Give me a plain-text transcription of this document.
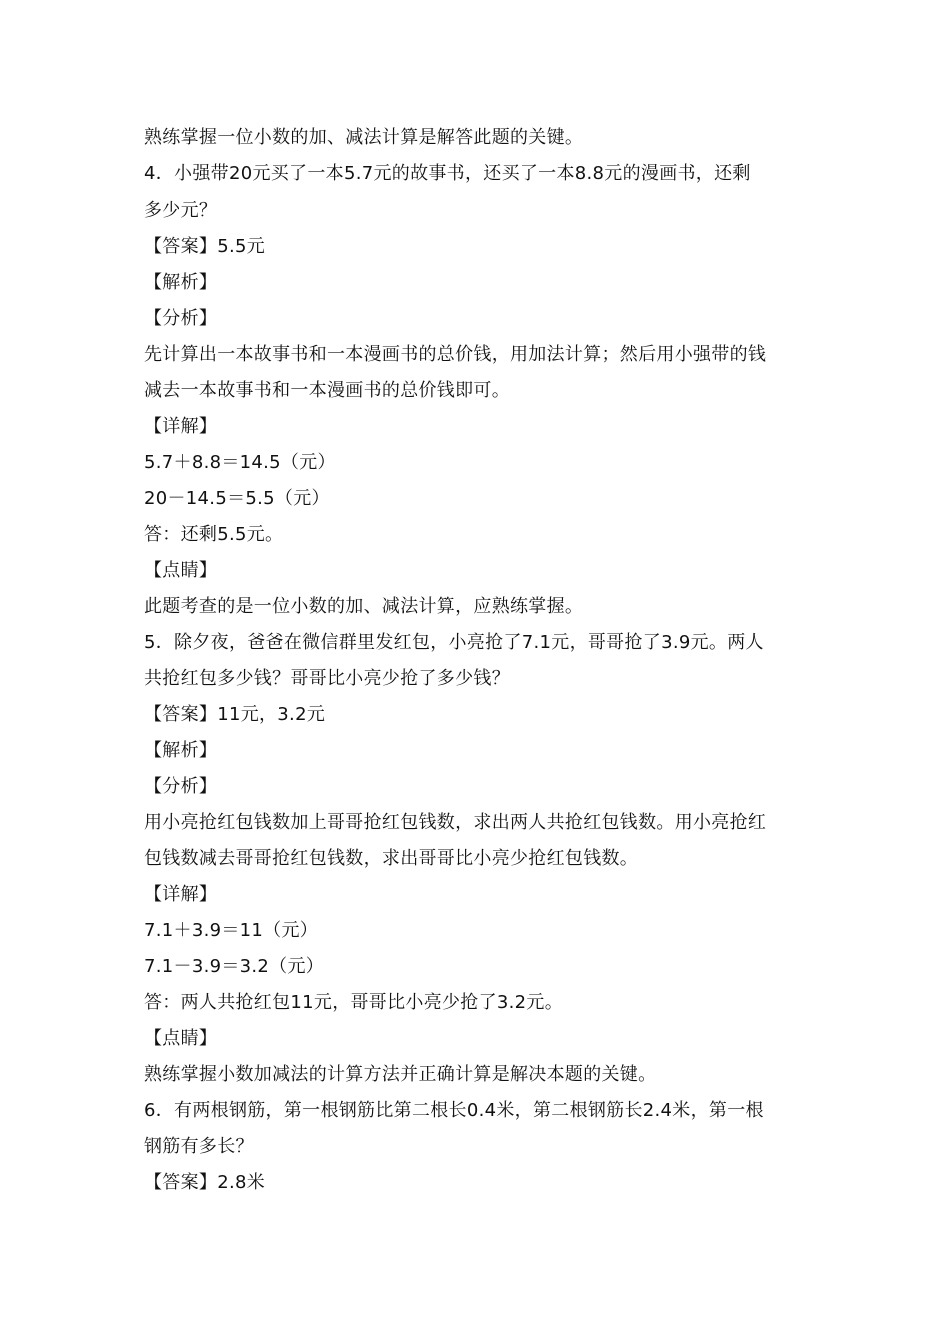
熟练掌握一位小数的加、减法计算是解答此题的关键。
4．小强带20元买了一本5.7元的故事书，还买了一本8.8元的漫画书，还剩
多少元？
【答案】5.5元
【解析】
【分析】
先计算出一本故事书和一本漫画书的总价钱，用加法计算；然后用小强带的钱
减去一本故事书和一本漫画书的总价钱即可。
【详解】
5.7＋8.8＝14.5（元）
20－14.5＝5.5（元）
答：还剩5.5元。
【点睛】
此题考查的是一位小数的加、减法计算，应熟练掌握。
5．除夕夜，爸爸在微信群里发红包，小亮抢了7.1元，哥哥抢了3.9元。两人
共抢红包多少钱？哥哥比小亮少抢了多少钱？
【答案】11元，3.2元
【解析】
【分析】
用小亮抢红包钱数加上哥哥抢红包钱数，求出两人共抢红包钱数。用小亮抢红
包钱数减去哥哥抢红包钱数，求出哥哥比小亮少抢红包钱数。
【详解】
7.1＋3.9＝11（元）
7.1－3.9＝3.2（元）
答：两人共抢红包11元，哥哥比小亮少抢了3.2元。
【点睛】
熟练掌握小数加减法的计算方法并正确计算是解决本题的关键。
6．有两根钢筋，第一根钢筋比第二根长0.4米，第二根钢筋长2.4米，第一根
钢筋有多长？
【答案】2.8米
